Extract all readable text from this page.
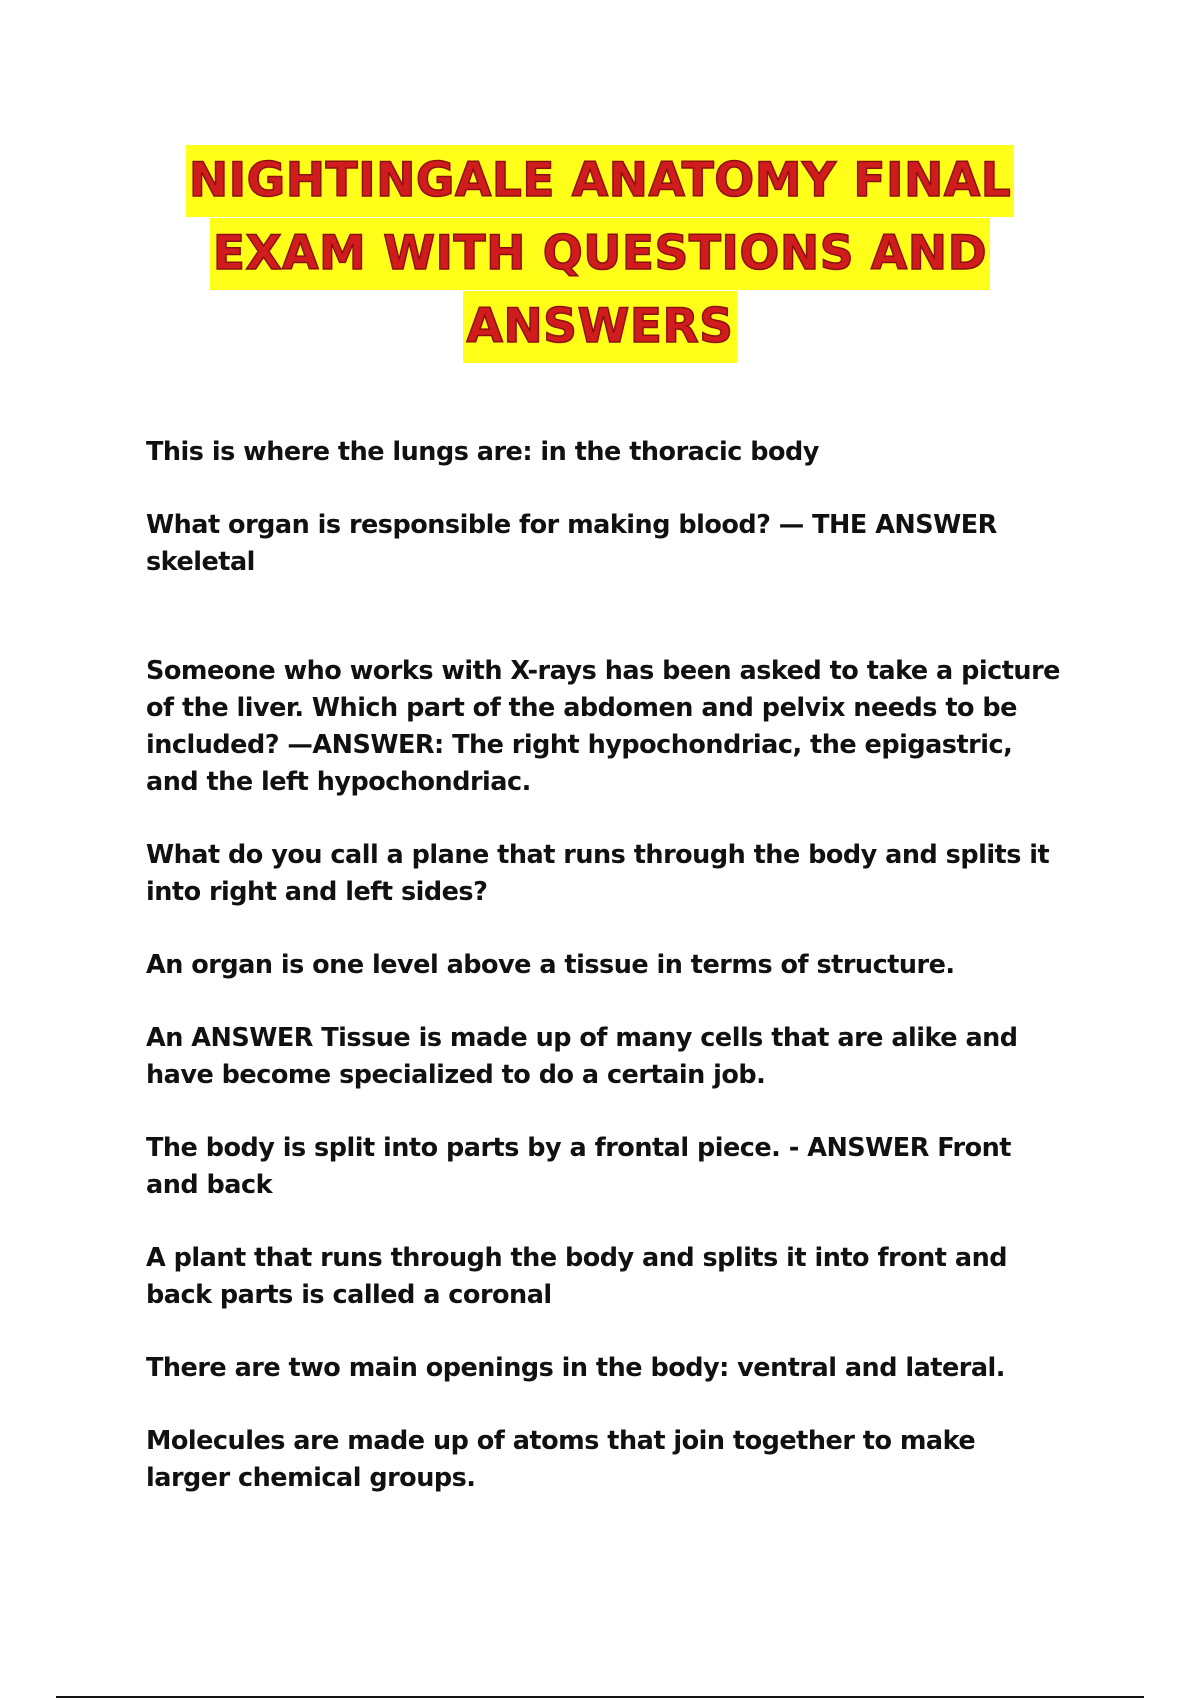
NIGHTINGALE ANATOMY FINAL
EXAM WITH QUESTIONS AND
ANSWERS

This is where the lungs are: in the thoracic body

What organ is responsible for making blood? — THE ANSWER skeletal

Someone who works with X-rays has been asked to take a picture of the liver. Which part of the abdomen and pelvix needs to be included? —ANSWER: The right hypochondriac, the epigastric, and the left hypochondriac.

What do you call a plane that runs through the body and splits it into right and left sides?

An organ is one level above a tissue in terms of structure.

An ANSWER Tissue is made up of many cells that are alike and have become specialized to do a certain job.

The body is split into parts by a frontal piece. - ANSWER Front and back

A plant that runs through the body and splits it into front and back parts is called a coronal

There are two main openings in the body: ventral and lateral.

Molecules are made up of atoms that join together to make larger chemical groups.
